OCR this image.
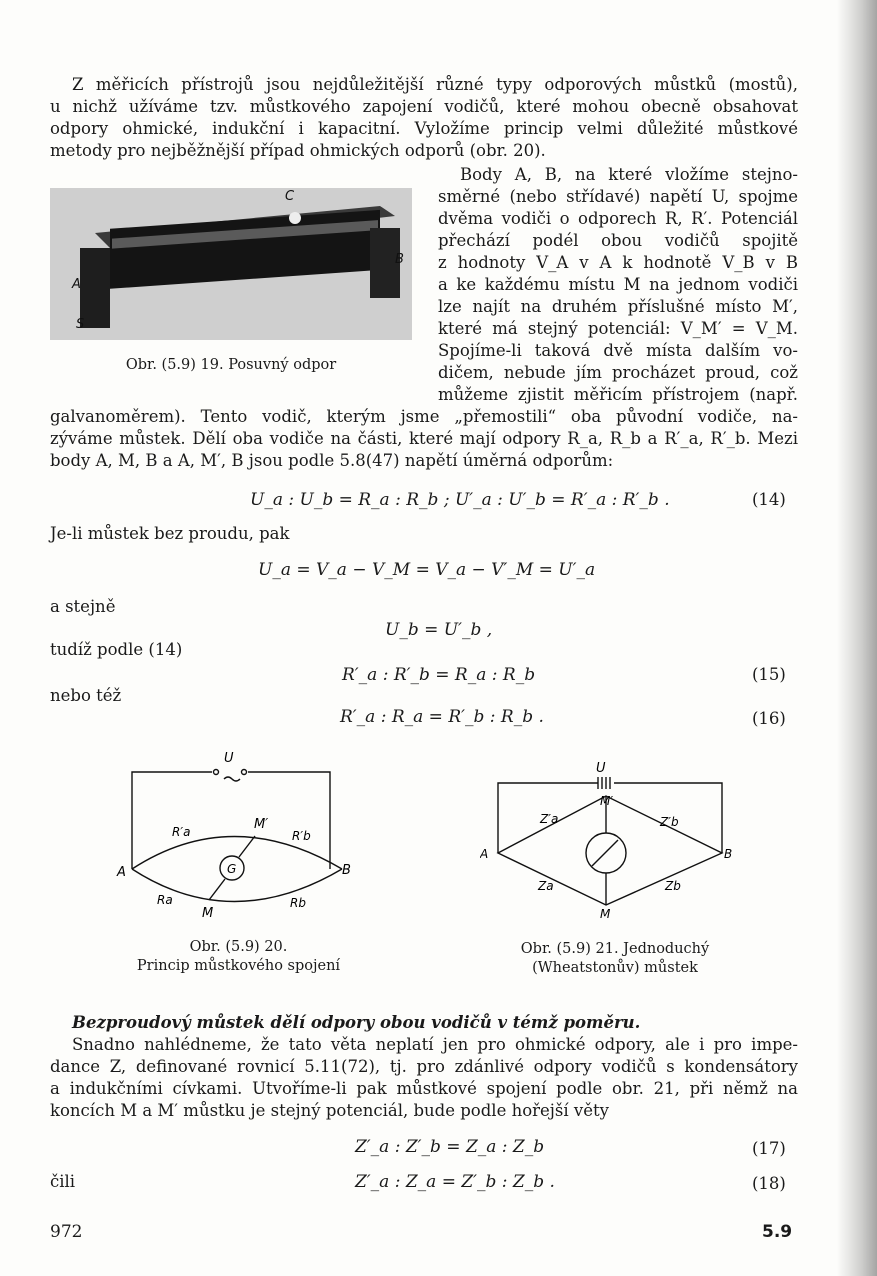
Z měřicích přístrojů jsou nejdůležitější různé typy odporových můstků (mostů),
u nichž užíváme tzv. můstkového zapojení vodičů, které mohou obecně obsahovat
odpory ohmické, indukční i kapacitní. Vyložíme princip velmi důležité můstkové
metody pro nejběžnější případ ohmických odporů (obr. 20).
C
B
A
S
Obr. (5.9) 19. Posuvný odpor
Body A, B, na které vložíme stejno-
směrné (nebo střídavé) napětí U, spojme
dvěma vodiči o odporech R, R′. Potenciál
přechází podél obou vodičů spojitě
z hodnoty V_A v A k hodnotě V_B v B
a ke každému místu M na jednom vodiči
lze najít na druhém příslušné místo M′,
které má stejný potenciál: V_M′ = V_M.
Spojíme-li taková dvě místa dalším vo-
dičem, nebude jím procházet proud, což
můžeme zjistit měřicím přístrojem (např.
galvanoměrem). Tento vodič, kterým jsme „přemostili“ oba původní vodiče, na-
zýváme můstek. Dělí oba vodiče na části, které mají odpory R_a, R_b a R′_a, R′_b. Mezi
body A, M, B a A, M′, B jsou podle 5.8(47) napětí úměrná odporům:
U_a : U_b = R_a : R_b ; U′_a : U′_b = R′_a : R′_b .	(14)
Je-li můstek bez proudu, pak
U_a = V_a − V_M = V_a − V′_M = U′_a
a stejně
U_b = U′_b ,
tudíž podle (14)
R′_a : R′_b = R_a : R_b	(15)
nebo též
R′_a : R_a = R′_b : R_b .	(16)
U
A	B
M′
M
G
R′a	R′b
Ra	Rb
Obr. (5.9) 20.
Princip můstkového spojení
U
A	B
M′
M
Z′a	Z′b
Za	Zb
Obr. (5.9) 21. Jednoduchý
(Wheatstonův) můstek
Bezproudový můstek dělí odpory obou vodičů v témž poměru.
Snadno nahlédneme, že tato věta neplatí jen pro ohmické odpory, ale i pro impe-
dance Z, definované rovnicí 5.11(72), tj. pro zdánlivé odpory vodičů s kondensátory
a indukčními cívkami. Utvoříme-li pak můstkové spojení podle obr. 21, při němž na
koncích M a M′ můstku je stejný potenciál, bude podle hořejší věty
Z′_a : Z′_b = Z_a : Z_b	(17)
čili	Z′_a : Z_a = Z′_b : Z_b .	(18)
972	5.9
